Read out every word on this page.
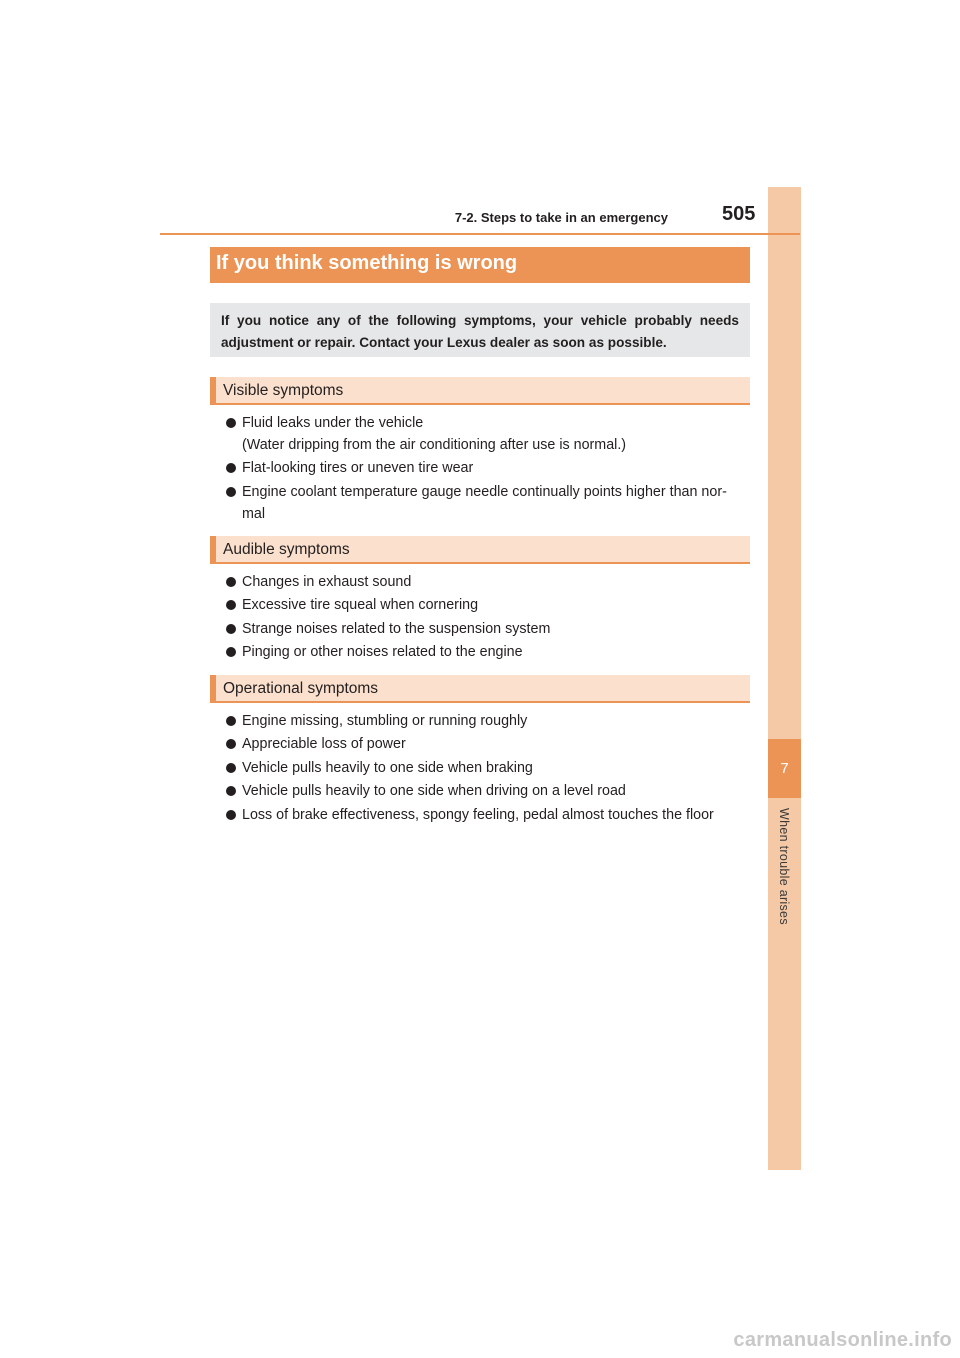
7
When trouble arises
7-2. Steps to take in an emergency	505
If you think something is wrong

If you notice any of the following symptoms, your vehicle probably needs adjustment or repair. Contact your Lexus dealer as soon as possible.

Visible symptoms
Fluid leaks under the vehicle
(Water dripping from the air conditioning after use is normal.)
Flat-looking tires or uneven tire wear
Engine coolant temperature gauge needle continually points higher than nor-
mal
Audible symptoms
Changes in exhaust sound
Excessive tire squeal when cornering
Strange noises related to the suspension system
Pinging or other noises related to the engine
Operational symptoms
Engine missing, stumbling or running roughly
Appreciable loss of power
Vehicle pulls heavily to one side when braking
Vehicle pulls heavily to one side when driving on a level road
Loss of brake effectiveness, spongy feeling, pedal almost touches the floor
carmanualsonline.info
